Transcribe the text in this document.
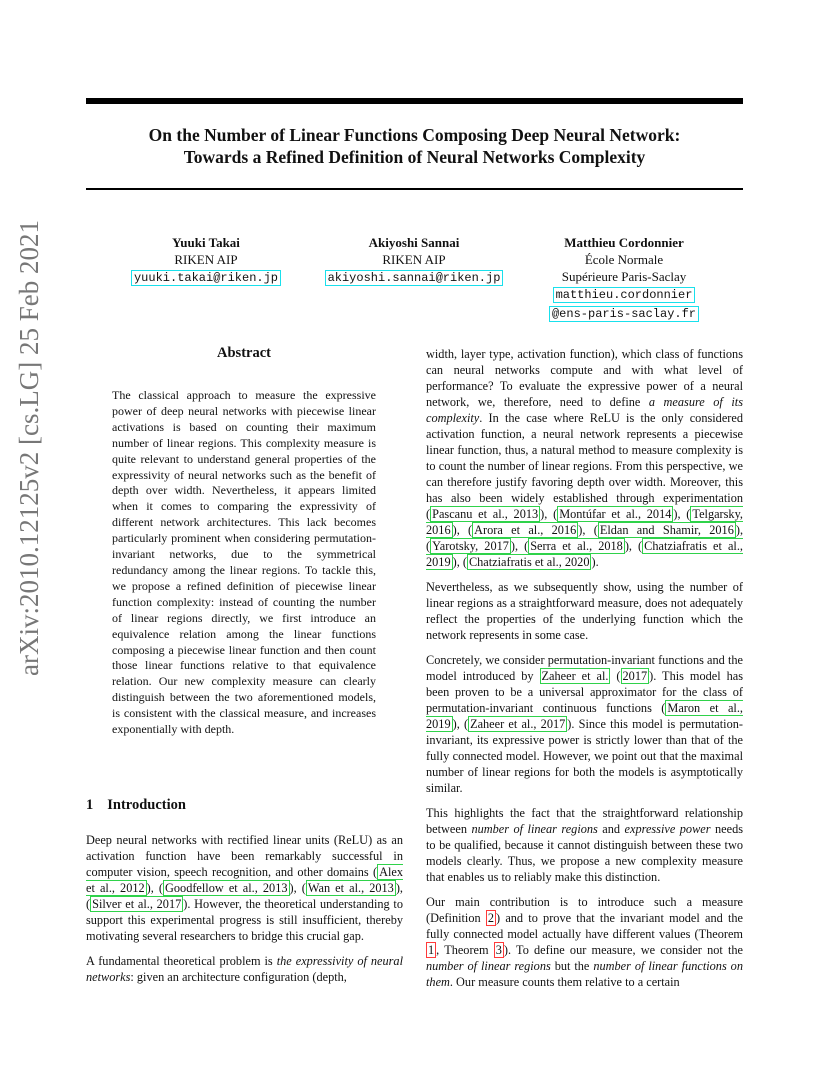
On the Number of Linear Functions Composing Deep Neural Network:
Towards a Refined Definition of Neural Networks Complexity
Yuuki Takai
RIKEN AIP
yuuki.takai@riken.jp
Akiyoshi Sannai
RIKEN AIP
akiyoshi.sannai@riken.jp
Matthieu Cordonnier
École Normale
Supérieure Paris-Saclay
matthieu.cordonnier
@ens-paris-saclay.fr
arXiv:2010.12125v2 [cs.LG] 25 Feb 2021	Abstract
The classical approach to measure the expressive power of deep neural networks with piecewise linear activations is based on counting their maximum number of linear regions. This complexity measure is quite relevant to understand general properties of the expressivity of neural networks such as the benefit of depth over width. Nevertheless, it appears limited when it comes to comparing the expressivity of different network architectures. This lack becomes particularly prominent when considering permutation-invariant networks, due to the symmetrical redundancy among the linear regions. To tackle this, we propose a refined definition of piecewise linear function complexity: instead of counting the number of linear regions directly, we first introduce an equivalence relation among the linear functions composing a piecewise linear function and then count those linear functions relative to that equivalence relation. Our new complexity measure can clearly distinguish between the two aforementioned models, is consistent with the classical measure, and increases exponentially with depth.
1 Introduction

Deep neural networks with rectified linear units (ReLU) as an activation function have been remarkably successful in computer vision, speech recognition, and other domains ( Alex et al., 2012 ), ( Goodfellow et al., 2013 ), ( Wan et al., 2013 ), ( Silver et al., 2017 ). However, the theoretical understanding to support this experimental progress is still insufficient, thereby motivating several researchers to bridge this crucial gap.

A fundamental theoretical problem is the expressivity of neural networks: given an architecture configuration (depth,

width, layer type, activation function), which class of functions can neural networks compute and with what level of performance? To evaluate the expressive power of a neural network, we, therefore, need to define a measure of its complexity. In the case where ReLU is the only considered activation function, a neural network represents a piecewise linear function, thus, a natural method to measure complexity is to count the number of linear regions. From this perspective, we can therefore justify favoring depth over width. Moreover, this has also been widely established through experimentation ( Pascanu et al., 2013 ), ( Montúfar et al., 2014 ), ( Telgarsky, 2016 ), ( Arora et al., 2016 ), ( Eldan and Shamir, 2016 ), ( Yarotsky, 2017 ), ( Serra et al., 2018 ), ( Chatziafratis et al., 2019 ), ( Chatziafratis et al., 2020 ).

Nevertheless, as we subsequently show, using the number of linear regions as a straightforward measure, does not adequately reflect the properties of the underlying function which the network represents in some case.

Concretely, we consider permutation-invariant functions and the model introduced by Zaheer et al. ( 2017 ). This model has been proven to be a universal approximator for the class of permutation-invariant continuous functions ( Maron et al., 2019 ), ( Zaheer et al., 2017 ). Since this model is permutation-invariant, its expressive power is strictly lower than that of the fully connected model. However, we point out that the maximal number of linear regions for both the models is asymptotically similar.

This highlights the fact that the straightforward relationship between number of linear regions and expressive power needs to be qualified, because it cannot distinguish between these two models clearly. Thus, we propose a new complexity measure that enables us to reliably make this distinction.

Our main contribution is to introduce such a measure (Definition 2 ) and to prove that the invariant model and the fully connected model actually have different values (Theorem 1 , Theorem 3 ). To define our measure, we consider not the number of linear regions but the number of linear functions on them. Our measure counts them relative to a certain
